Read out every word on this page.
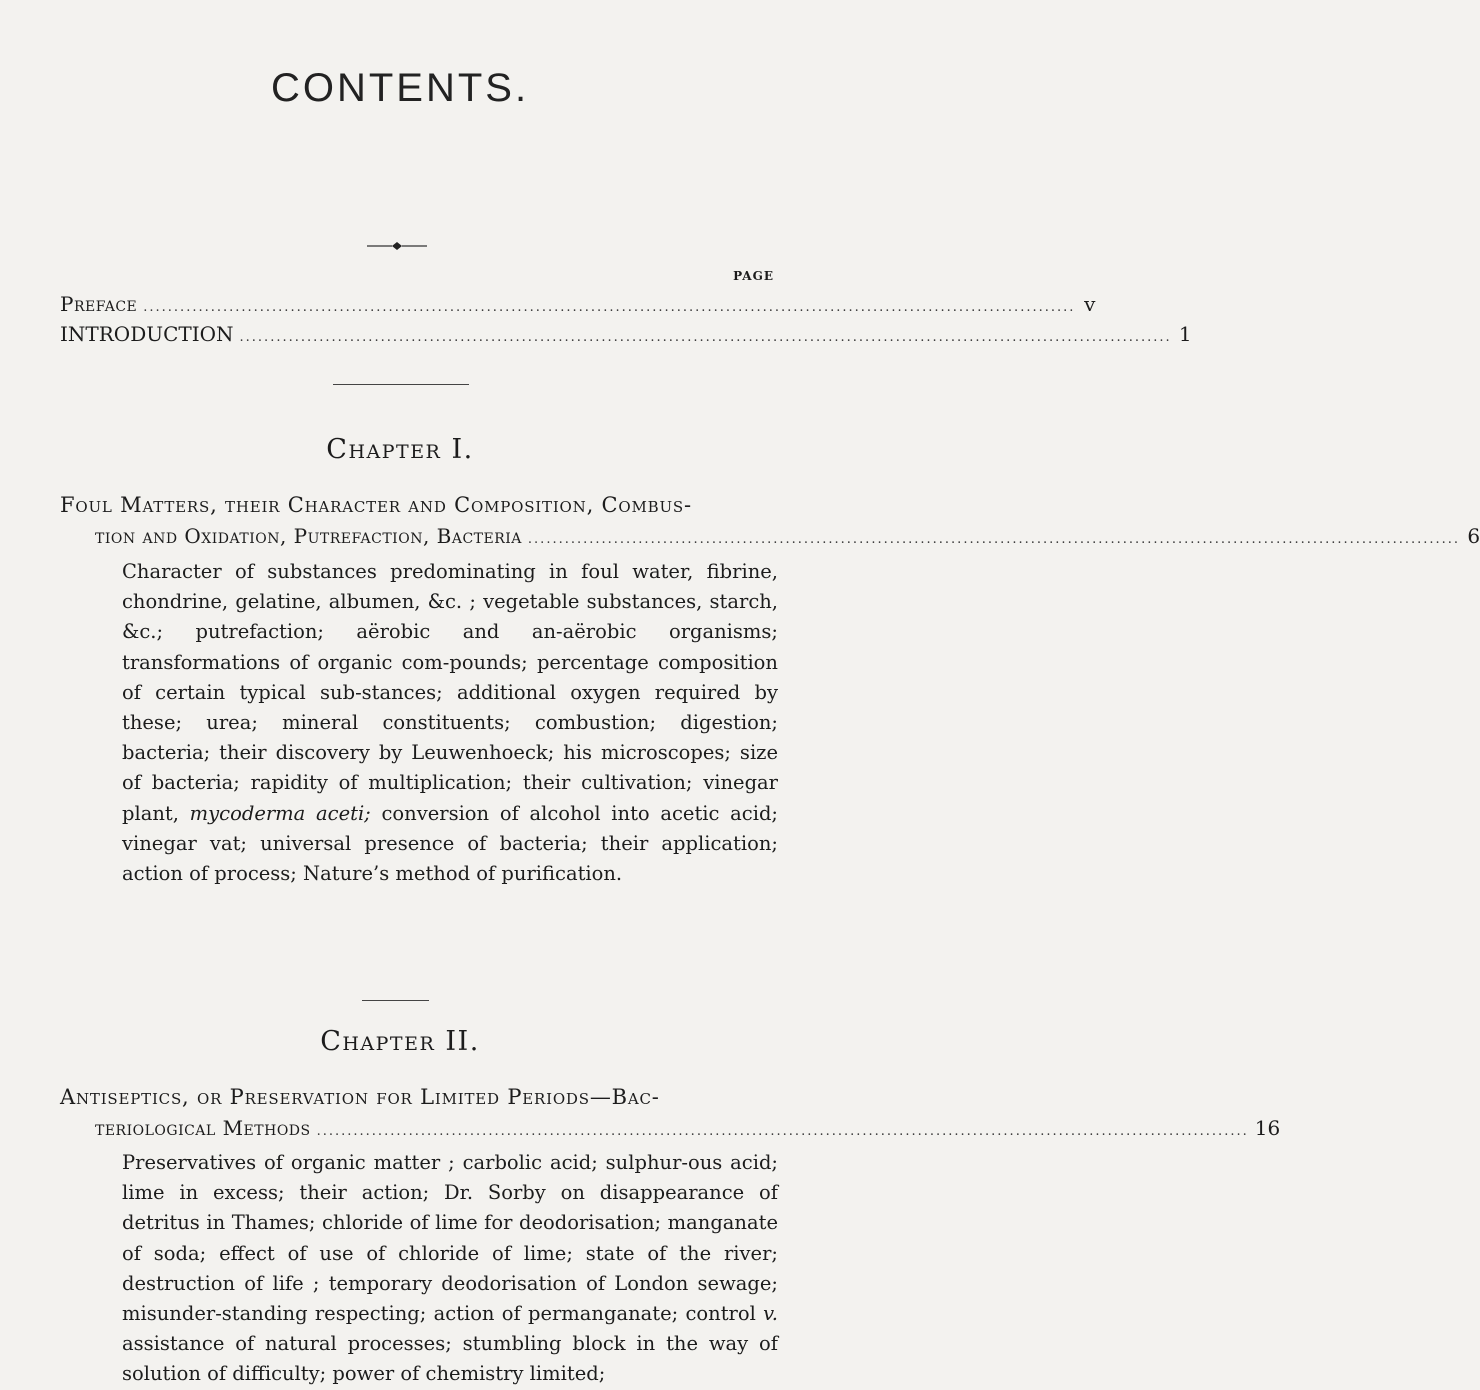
CONTENTS.
PAGE
Preface ........................................................................................................................................................ v
INTRODUCTION ........................................................................................................................................................ 1
Chapter I.
Foul Matters, their Character and Composition, Combus-
tion and Oxidation, Putrefaction, Bacteria ........................................................................................................................................................ 6
Character of substances predominating in foul water, fibrine, chondrine, gelatine, albumen, &c. ; vegetable substances, starch, &c.; putrefaction; aërobic and an-aërobic organisms; transformations of organic com-pounds; percentage composition of certain typical sub-stances; additional oxygen required by these; urea; mineral constituents; combustion; digestion; bacteria; their discovery by Leuwenhoeck; his microscopes; size of bacteria; rapidity of multiplication; their cultivation; vinegar plant, mycoderma aceti; conversion of alcohol into acetic acid; vinegar vat; universal presence of bacteria; their application; action of process; Nature’s method of purification.
Chapter II.
Antiseptics, or Preservation for Limited Periods—Bac-
teriological Methods ........................................................................................................................................................ 16
Preservatives of organic matter ; carbolic acid; sulphur-ous acid; lime in excess; their action; Dr. Sorby on disappearance of detritus in Thames; chloride of lime for deodorisation; manganate of soda; effect of use of chloride of lime; state of the river; destruction of life ; temporary deodorisation of London sewage; misunder-standing respecting; action of permanganate; control v. assistance of natural processes; stumbling block in the way of solution of difficulty; power of chemistry limited;
